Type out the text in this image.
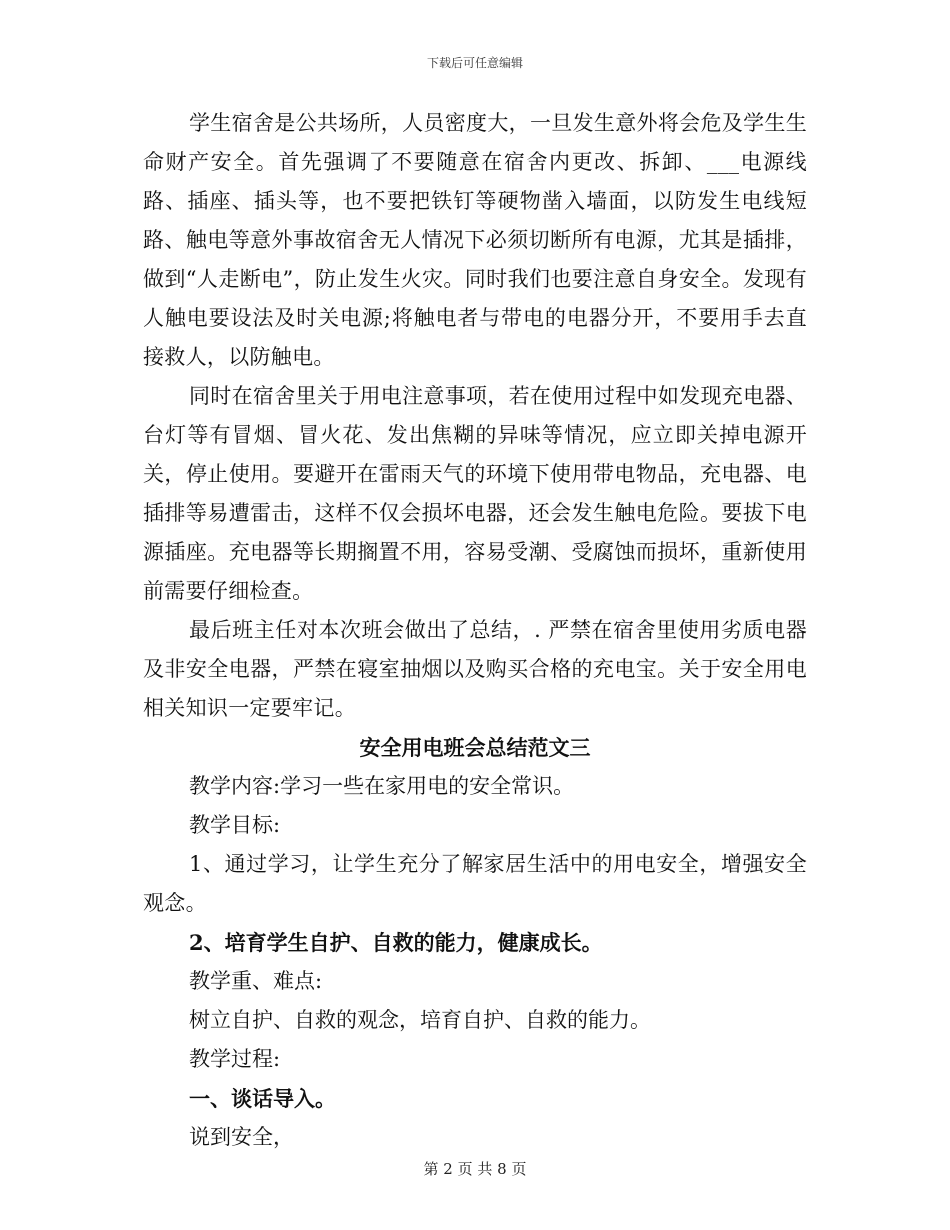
下载后可任意编辑

学生宿舍是公共场所，人员密度大，一旦发生意外将会危及学生生命财产安全。首先强调了不要随意在宿舍内更改、拆卸、___电源线路、插座、插头等，也不要把铁钉等硬物凿入墙面，以防发生电线短路、触电等意外事故宿舍无人情况下必须切断所有电源，尤其是插排，做到“人走断电”，防止发生火灾。同时我们也要注意自身安全。发现有人触电要设法及时关电源;将触电者与带电的电器分开，不要用手去直接救人，以防触电。

同时在宿舍里关于用电注意事项，若在使用过程中如发现充电器、台灯等有冒烟、冒火花、发出焦糊的异味等情况，应立即关掉电源开关，停止使用。要避开在雷雨天气的环境下使用带电物品，充电器、电插排等易遭雷击，这样不仅会损坏电器，还会发生触电危险。要拔下电源插座。充电器等长期搁置不用，容易受潮、受腐蚀而损坏，重新使用前需要仔细检查。

最后班主任对本次班会做出了总结，. 严禁在宿舍里使用劣质电器及非安全电器，严禁在寝室抽烟以及购买合格的充电宝。关于安全用电相关知识一定要牢记。

安全用电班会总结范文三

教学内容:学习一些在家用电的安全常识。

教学目标:

1、通过学习，让学生充分了解家居生活中的用电安全，增强安全观念。

2、培育学生自护、自救的能力，健康成长。

教学重、难点:

树立自护、自救的观念，培育自护、自救的能力。

教学过程:

一、谈话导入。

说到安全，

第 2 页 共 8 页
